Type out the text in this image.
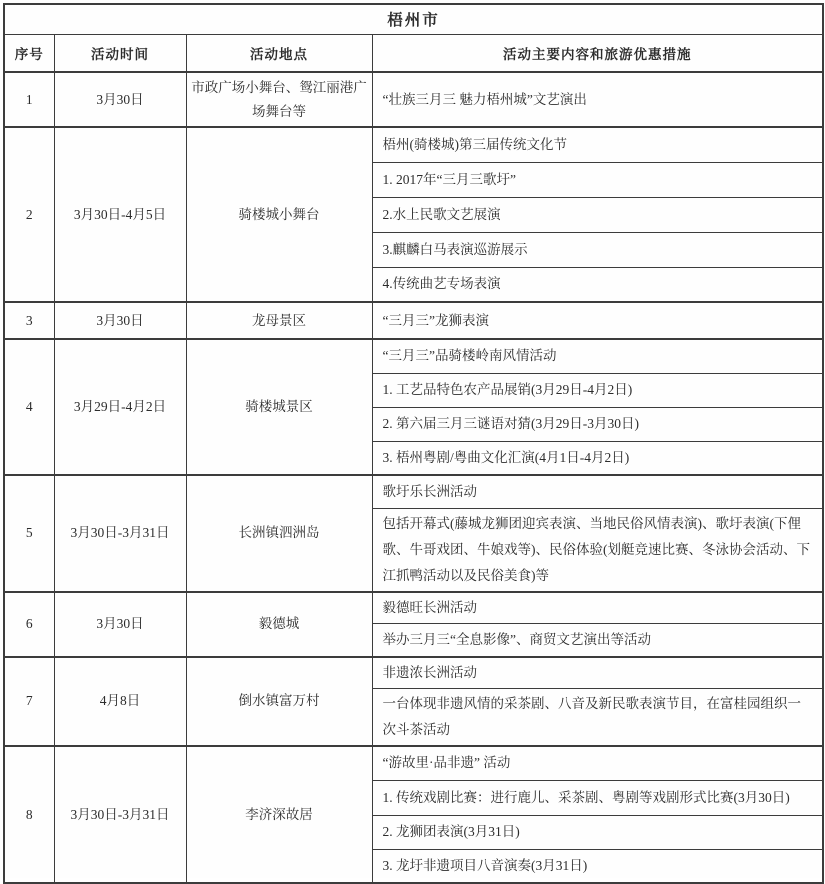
梧州市			
序号	活动时间	活动地点	活动主要内容和旅游优惠措施
1	3月30日	市政广场小舞台、鸳江丽港广场舞台等	“壮族三月三 魅力梧州城”文艺演出
2	3月30日-4月5日	骑楼城小舞台	梧州(骑楼城)第三届传统文化节
			1. 2017年“三月三歌圩”
			2.水上民歌文艺展演
			3.麒麟白马表演巡游展示
			4.传统曲艺专场表演
3	3月30日	龙母景区	“三月三”龙狮表演
4	3月29日-4月2日	骑楼城景区	“三月三”品骑楼岭南风情活动
			1. 工艺品特色农产品展销(3月29日-4月2日)
			2. 第六届三月三谜语对猜(3月29日-3月30日)
			3. 梧州粤剧/粤曲文化汇演(4月1日-4月2日)
5	3月30日-3月31日	长洲镇泗洲岛	歌圩乐长洲活动
			包括开幕式(藤城龙狮团迎宾表演、当地民俗风情表演)、歌圩表演(下俚歌、牛哥戏团、牛娘戏等)、民俗体验(划艇竞速比赛、冬泳协会活动、下江抓鸭活动以及民俗美食)等
6	3月30日	毅德城	毅德旺长洲活动
			举办三月三“全息影像”、商贸文艺演出等活动
7	4月8日	倒水镇富万村	非遗浓长洲活动
			一台体现非遗风情的采茶剧、八音及新民歌表演节目，在富桂园组织一次斗茶活动
8	3月30日-3月31日	李济深故居	“游故里·品非遗” 活动
			1. 传统戏剧比赛：进行鹿儿、采茶剧、粤剧等戏剧形式比赛(3月30日)
			2. 龙狮团表演(3月31日)
			3. 龙圩非遗项目八音演奏(3月31日)
